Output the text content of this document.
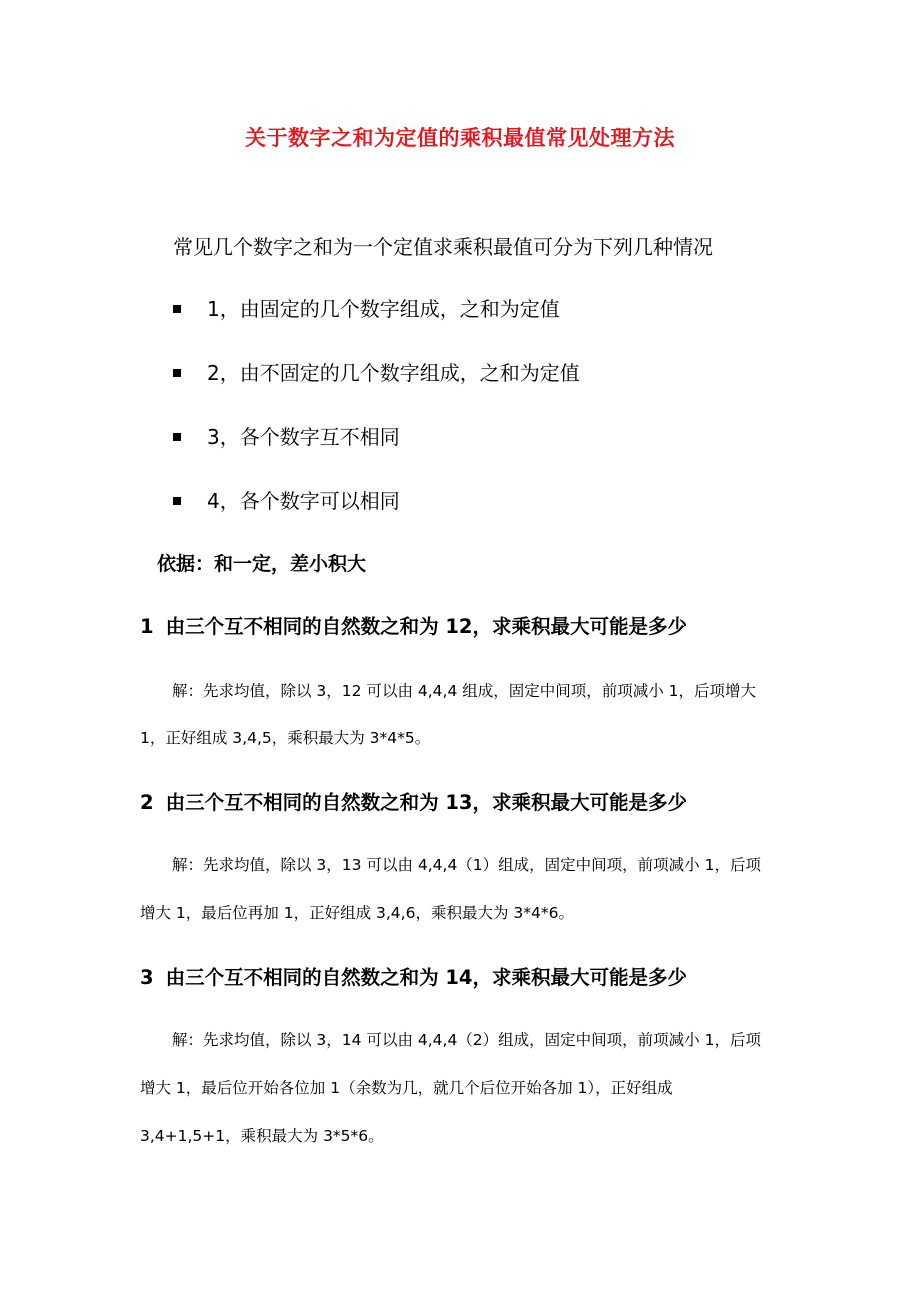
关于数字之和为定值的乘积最值常见处理方法
常见几个数字之和为一个定值求乘积最值可分为下列几种情况
1，由固定的几个数字组成，之和为定值
2，由不固定的几个数字组成，之和为定值
3，各个数字互不相同
4，各个数字可以相同
依据：和一定，差小积大
1 由三个互不相同的自然数之和为 12，求乘积最大可能是多少
解：先求均值，除以 3，12 可以由 4,4,4 组成，固定中间项，前项减小 1，后项增大
1，正好组成 3,4,5，乘积最大为 3*4*5。
2 由三个互不相同的自然数之和为 13，求乘积最大可能是多少
解：先求均值，除以 3，13 可以由 4,4,4（1）组成，固定中间项，前项减小 1，后项
增大 1，最后位再加 1，正好组成 3,4,6，乘积最大为 3*4*6。
3 由三个互不相同的自然数之和为 14，求乘积最大可能是多少
解：先求均值，除以 3，14 可以由 4,4,4（2）组成，固定中间项，前项减小 1，后项
增大 1，最后位开始各位加 1（余数为几，就几个后位开始各加 1），正好组成
3,4+1,5+1，乘积最大为 3*5*6。
